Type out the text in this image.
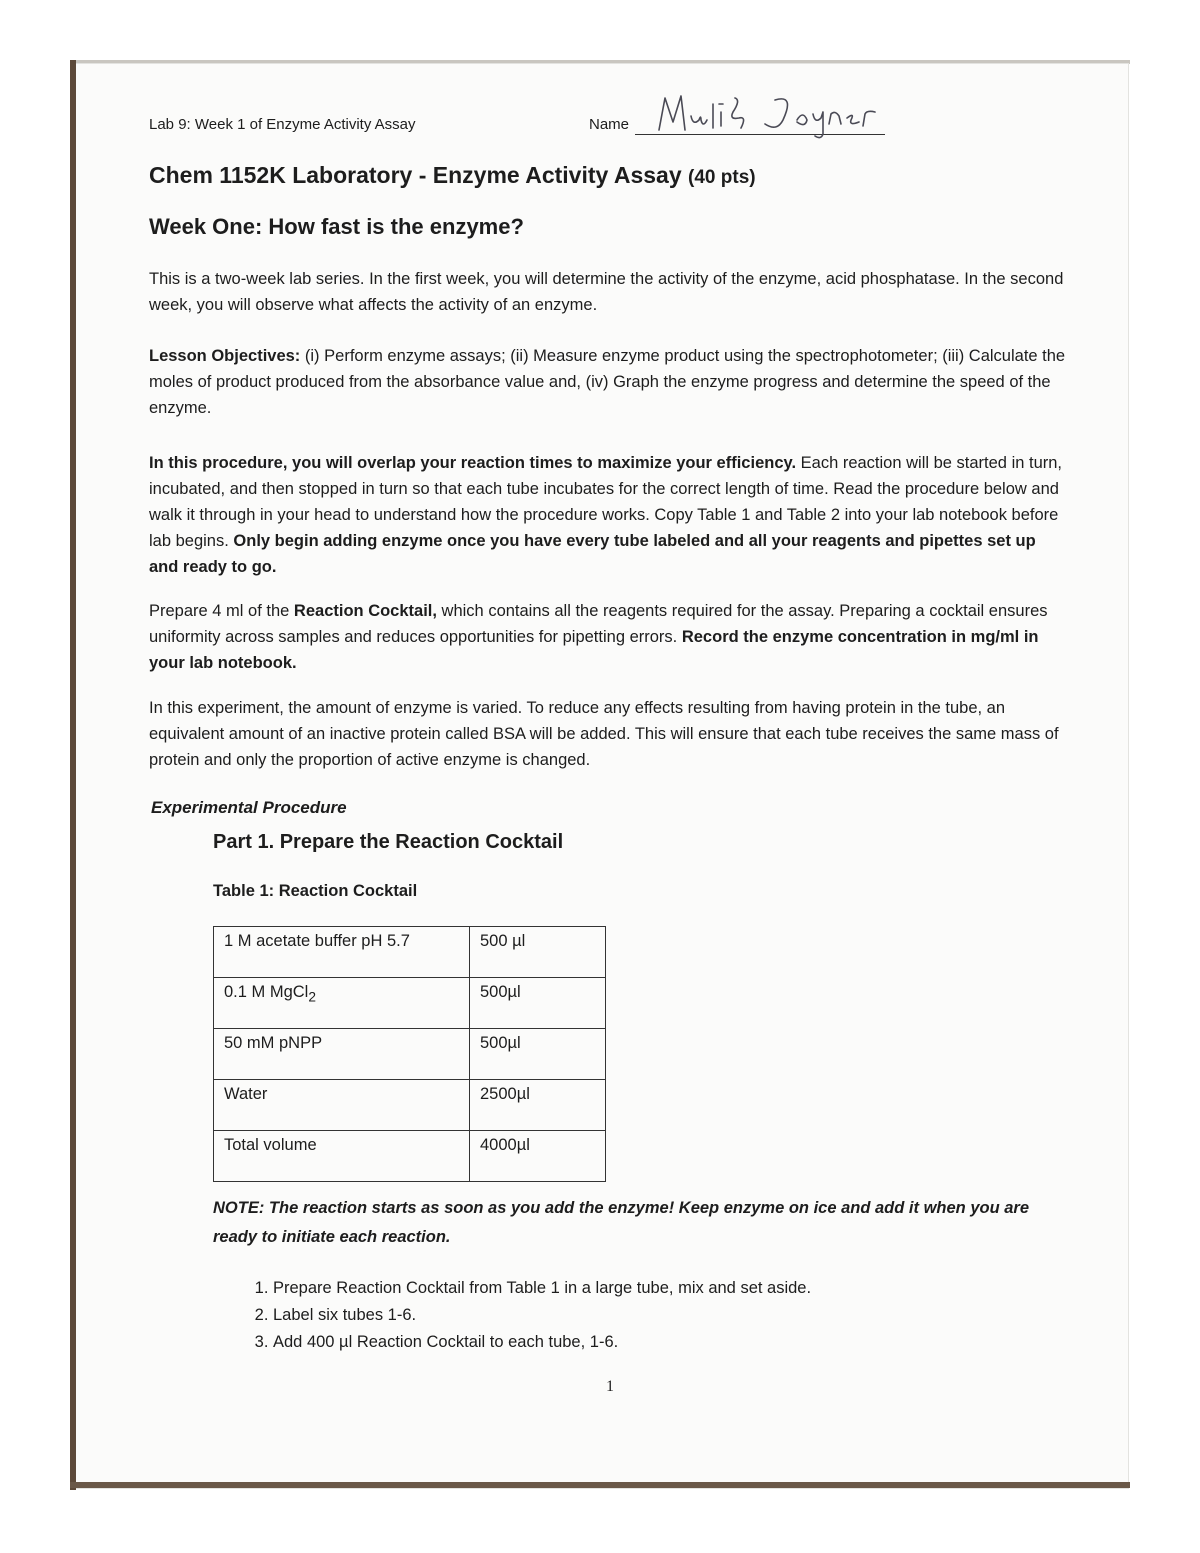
Lab 9: Week 1 of Enzyme Activity Assay	Name
Chem 1152K Laboratory - Enzyme Activity Assay (40 pts)
Week One: How fast is the enzyme?
This is a two-week lab series. In the first week, you will determine the activity of the enzyme, acid phosphatase. In the second week, you will observe what affects the activity of an enzyme.
Lesson Objectives: (i) Perform enzyme assays; (ii) Measure enzyme product using the spectrophotometer; (iii) Calculate the moles of product produced from the absorbance value and, (iv) Graph the enzyme progress and determine the speed of the enzyme.
In this procedure, you will overlap your reaction times to maximize your efficiency. Each reaction will be started in turn, incubated, and then stopped in turn so that each tube incubates for the correct length of time. Read the procedure below and walk it through in your head to understand how the procedure works. Copy Table 1 and Table 2 into your lab notebook before lab begins. Only begin adding enzyme once you have every tube labeled and all your reagents and pipettes set up and ready to go.
Prepare 4 ml of the Reaction Cocktail, which contains all the reagents required for the assay. Preparing a cocktail ensures uniformity across samples and reduces opportunities for pipetting errors. Record the enzyme concentration in mg/ml in your lab notebook.
In this experiment, the amount of enzyme is varied. To reduce any effects resulting from having protein in the tube, an equivalent amount of an inactive protein called BSA will be added. This will ensure that each tube receives the same mass of protein and only the proportion of active enzyme is changed.
Experimental Procedure
Part 1. Prepare the Reaction Cocktail
Table 1: Reaction Cocktail
1 M acetate buffer pH 5.7	500 µl
0.1 M MgCl$_2$	500µl
50 mM pNPP	500µl
Water	2500µl
Total volume	4000µl
NOTE: The reaction starts as soon as you add the enzyme! Keep enzyme on ice and add it when you are ready to initiate each reaction.
1. Prepare Reaction Cocktail from Table 1 in a large tube, mix and set aside.
2. Label six tubes 1-6.
3. Add 400 µl Reaction Cocktail to each tube, 1-6.
1
